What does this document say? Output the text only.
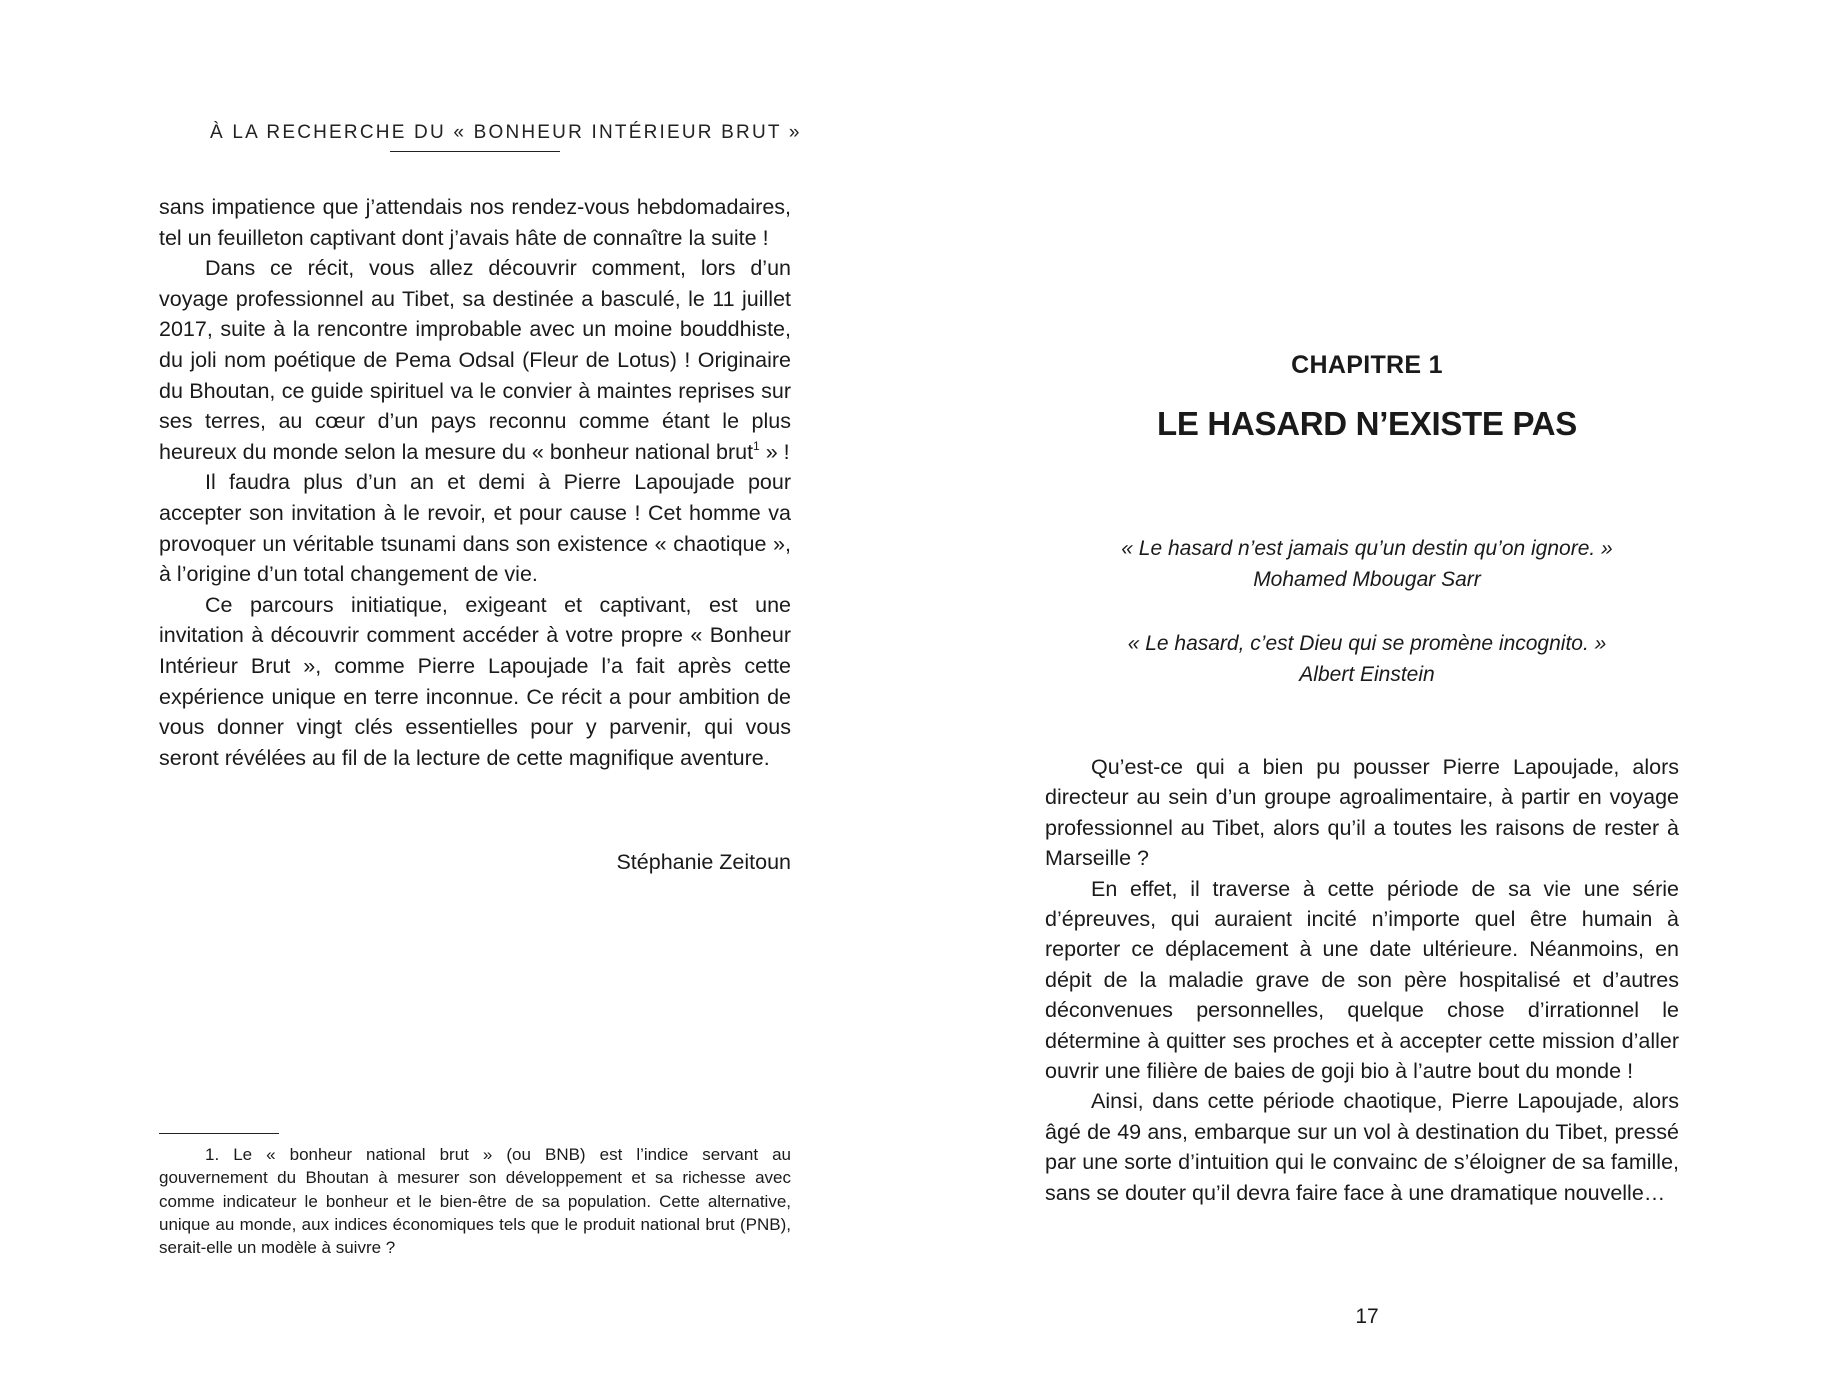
À LA RECHERCHE DU « BONHEUR INTÉRIEUR BRUT »

sans impatience que j’attendais nos rendez-vous hebdomadaires, tel un feuilleton captivant dont j’avais hâte de connaître la suite !

Dans ce récit, vous allez découvrir comment, lors d’un voyage professionnel au Tibet, sa destinée a basculé, le 11 juillet 2017, suite à la rencontre improbable avec un moine bouddhiste, du joli nom poétique de Pema Odsal (Fleur de Lotus) ! Originaire du Bhoutan, ce guide spirituel va le convier à maintes reprises sur ses terres, au cœur d’un pays reconnu comme étant le plus heureux du monde selon la mesure du « bonheur national brut$^1$ » !

Il faudra plus d’un an et demi à Pierre Lapoujade pour accepter son invitation à le revoir, et pour cause ! Cet homme va provoquer un véritable tsunami dans son existence « chaotique », à l’origine d’un total changement de vie.

Ce parcours initiatique, exigeant et captivant, est une invitation à découvrir comment accéder à votre propre « Bonheur Intérieur Brut », comme Pierre Lapoujade l’a fait après cette expérience unique en terre inconnue. Ce récit a pour ambition de vous donner vingt clés essentielles pour y parvenir, qui vous seront révélées au fil de la lecture de cette magnifique aventure.

Stéphanie Zeitoun
1. Le « bonheur national brut » (ou BNB) est l’indice servant au gouvernement du Bhoutan à mesurer son développement et sa richesse avec comme indicateur le bonheur et le bien-être de sa population. Cette alternative, unique au monde, aux indices économiques tels que le produit national brut (PNB), serait-elle un modèle à suivre ?
CHAPITRE 1
LE HASARD N’EXISTE PAS
« Le hasard n’est jamais qu’un destin qu’on ignore. »
Mohamed Mbougar Sarr
« Le hasard, c’est Dieu qui se promène incognito. »
Albert Einstein

Qu’est-ce qui a bien pu pousser Pierre Lapoujade, alors directeur au sein d’un groupe agroalimentaire, à partir en voyage professionnel au Tibet, alors qu’il a toutes les raisons de rester à Marseille ?

En effet, il traverse à cette période de sa vie une série d’épreuves, qui auraient incité n’importe quel être humain à reporter ce déplacement à une date ultérieure. Néanmoins, en dépit de la maladie grave de son père hospitalisé et d’autres déconvenues personnelles, quelque chose d’irrationnel le détermine à quitter ses proches et à accepter cette mission d’aller ouvrir une filière de baies de goji bio à l’autre bout du monde !

Ainsi, dans cette période chaotique, Pierre Lapoujade, alors âgé de 49 ans, embarque sur un vol à destination du Tibet, pressé par une sorte d’intuition qui le convainc de s’éloigner de sa famille, sans se douter qu’il devra faire face à une dramatique nouvelle…

17
